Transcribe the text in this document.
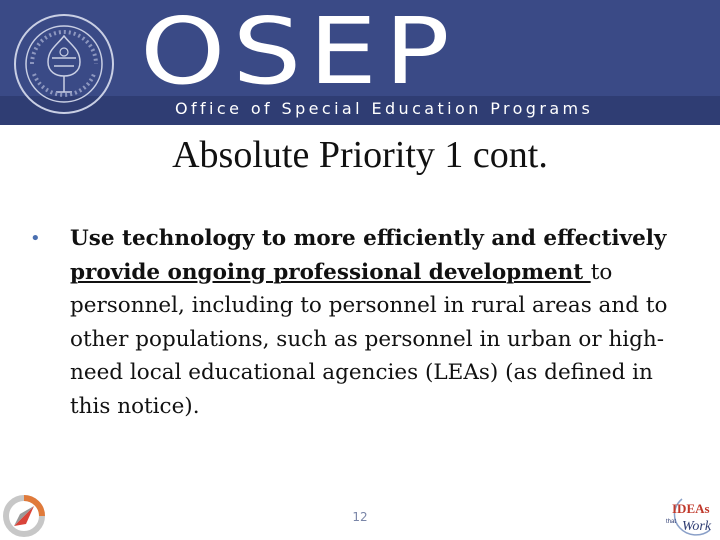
OSEP
Office of Special Education Programs
Absolute Priority 1 cont.
• Use technology to more efficiently and effectively provide ongoing professional development to personnel, including to personnel in rural areas and to other populations, such as personnel in urban or high-need local educational agencies (LEAs) (as defined in this notice).
12
IDEAs
that Work
